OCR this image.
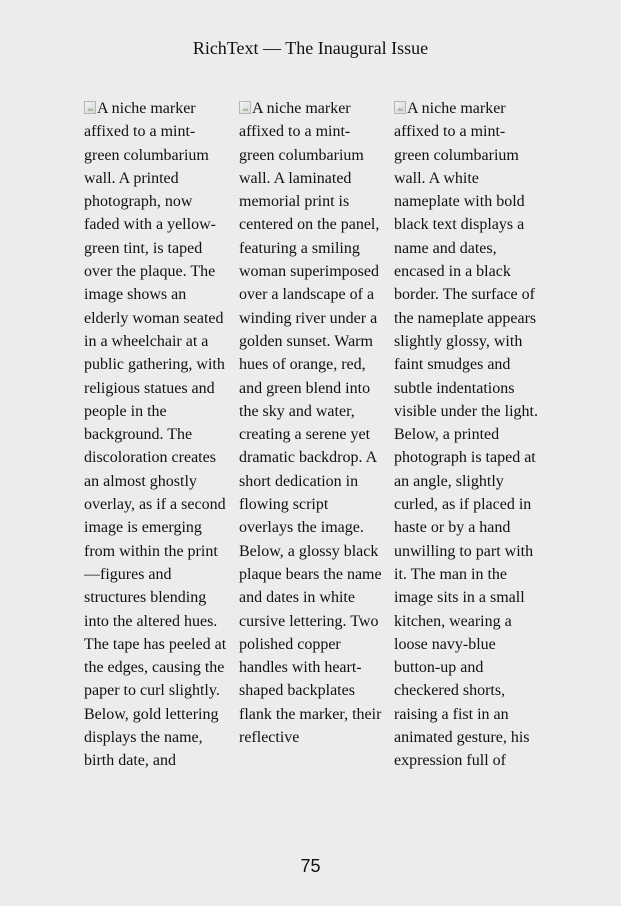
RichText — The Inaugural Issue

A niche marker affixed to a mint-green columbarium wall. A printed photograph, now faded with a yellow-green tint, is taped over the plaque. The image shows an elderly woman seated in a wheelchair at a public gathering, with religious statues and people in the background. The discoloration creates an almost ghostly overlay, as if a second image is emerging from within the print—figures and structures blending into the altered hues. The tape has peeled at the edges, causing the paper to curl slightly. Below, gold lettering displays the name, birth date, and

A niche marker affixed to a mint-green columbarium wall. A laminated memorial print is centered on the panel, featuring a smiling woman superimposed over a landscape of a winding river under a golden sunset. Warm hues of orange, red, and green blend into the sky and water, creating a serene yet dramatic backdrop. A short dedication in flowing script overlays the image. Below, a glossy black plaque bears the name and dates in white cursive lettering. Two polished copper handles with heart-shaped backplates flank the marker, their reflective

A niche marker affixed to a mint-green columbarium wall. A white nameplate with bold black text displays a name and dates, encased in a black border. The surface of the nameplate appears slightly glossy, with faint smudges and subtle indentations visible under the light. Below, a printed photograph is taped at an angle, slightly curled, as if placed in haste or by a hand unwilling to part with it. The man in the image sits in a small kitchen, wearing a loose navy-blue button-up and checkered shorts, raising a fist in an animated gesture, his expression full of

75
